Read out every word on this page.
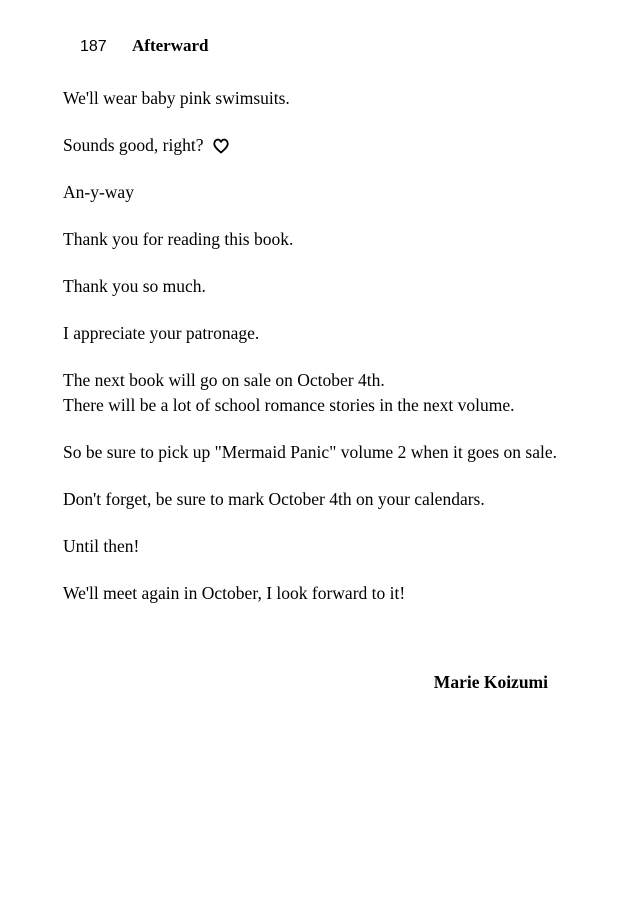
187	Afterward

We'll wear baby pink swimsuits.

Sounds good, right?

An-y-way

Thank you for reading this book.

Thank you so much.

I appreciate your patronage.

The next book will go on sale on October 4th.
There will be a lot of school romance stories in the next volume.

So be sure to pick up "Mermaid Panic" volume 2 when it goes on sale.

Don't forget, be sure to mark October 4th on your calendars.

Until then!

We'll meet again in October, I look forward to it!

Marie Koizumi
